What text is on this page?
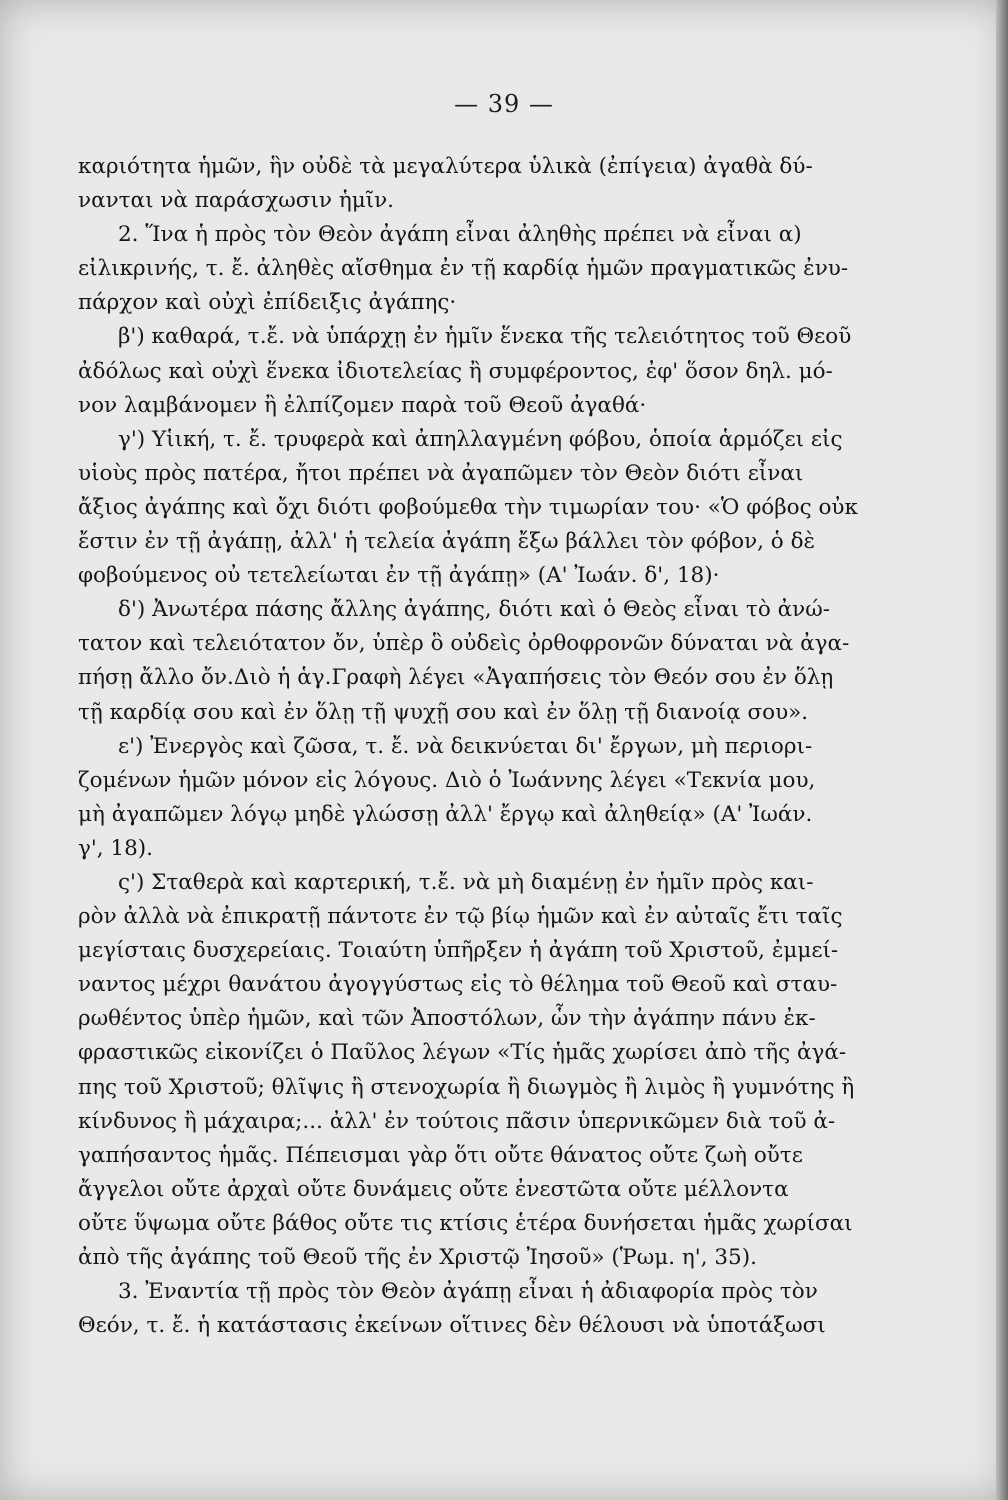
— 39 —
καριότητα ἡμῶν, ἣν οὐδὲ τὰ μεγαλύτερα ὑλικὰ (ἐπίγεια) ἀγαθὰ δύ-
νανται νὰ παράσχωσιν ἡμῖν.
2. Ἵνα ἡ πρὸς τὸν Θεὸν ἀγάπη εἶναι ἀληθὴς πρέπει νὰ εἶναι α)
εἰλικρινής, τ. ἔ. ἀληθὲς αἴσθημα ἐν τῇ καρδίᾳ ἡμῶν πραγματικῶς ἐνυ-
πάρχον καὶ οὐχὶ ἐπίδειξις ἀγάπης·
β') καθαρά, τ.ἔ. νὰ ὑπάρχῃ ἐν ἡμῖν ἕνεκα τῆς τελειότητος τοῦ Θεοῦ
ἀδόλως καὶ οὐχὶ ἕνεκα ἰδιοτελείας ἢ συμφέροντος, ἐφ' ὅσον δηλ. μό-
νον λαμβάνομεν ἢ ἐλπίζομεν παρὰ τοῦ Θεοῦ ἀγαθά·
γ') Υἱική, τ. ἔ. τρυφερὰ καὶ ἀπηλλαγμένη φόβου, ὁποία ἁρμόζει εἰς
υἱοὺς πρὸς πατέρα, ἤτοι πρέπει νὰ ἀγαπῶμεν τὸν Θεὸν διότι εἶναι
ἄξιος ἀγάπης καὶ ὄχι διότι φοβούμεθα τὴν τιμωρίαν του· «Ὁ φόβος οὐκ
ἔστιν ἐν τῇ ἀγάπῃ, ἀλλ' ἡ τελεία ἀγάπη ἔξω βάλλει τὸν φόβον, ὁ δὲ
φοβούμενος οὐ τετελείωται ἐν τῇ ἀγάπῃ» (Α' Ἰωάν. δ', 18)·
δ') Ἀνωτέρα πάσης ἄλλης ἀγάπης, διότι καὶ ὁ Θεὸς εἶναι τὸ ἀνώ-
τατον καὶ τελειότατον ὄν, ὑπὲρ ὃ οὐδεὶς ὀρθοφρονῶν δύναται νὰ ἀγα-
πήσῃ ἄλλο ὄν.Διὸ ἡ ἁγ.Γραφὴ λέγει «Ἀγαπήσεις τὸν Θεόν σου ἐν ὅλῃ
τῇ καρδίᾳ σου καὶ ἐν ὅλῃ τῇ ψυχῇ σου καὶ ἐν ὅλῃ τῇ διανοίᾳ σου».
ε') Ἐνεργὸς καὶ ζῶσα, τ. ἔ. νὰ δεικνύεται δι' ἔργων, μὴ περιορι-
ζομένων ἡμῶν μόνον εἰς λόγους. Διὸ ὁ Ἰωάννης λέγει «Τεκνία μου,
μὴ ἀγαπῶμεν λόγῳ μηδὲ γλώσσῃ ἀλλ' ἔργῳ καὶ ἀληθείᾳ» (Α' Ἰωάν.
γ', 18).
ς') Σταθερὰ καὶ καρτερική, τ.ἔ. νὰ μὴ διαμένῃ ἐν ἡμῖν πρὸς και-
ρὸν ἀλλὰ νὰ ἐπικρατῇ πάντοτε ἐν τῷ βίῳ ἡμῶν καὶ ἐν αὐταῖς ἔτι ταῖς
μεγίσταις δυσχερείαις. Τοιαύτη ὑπῆρξεν ἡ ἀγάπη τοῦ Χριστοῦ, ἐμμεί-
ναντος μέχρι θανάτου ἀγογγύστως εἰς τὸ θέλημα τοῦ Θεοῦ καὶ σταυ-
ρωθέντος ὑπὲρ ἡμῶν, καὶ τῶν Ἀποστόλων, ὧν τὴν ἀγάπην πάνυ ἐκ-
φραστικῶς εἰκονίζει ὁ Παῦλος λέγων «Τίς ἡμᾶς χωρίσει ἀπὸ τῆς ἀγά-
πης τοῦ Χριστοῦ; θλῖψις ἢ στενοχωρία ἢ διωγμὸς ἢ λιμὸς ἢ γυμνότης ἢ
κίνδυνος ἢ μάχαιρα;... ἀλλ' ἐν τούτοις πᾶσιν ὑπερνικῶμεν διὰ τοῦ ἀ-
γαπήσαντος ἡμᾶς. Πέπεισμαι γὰρ ὅτι οὔτε θάνατος οὔτε ζωὴ οὔτε
ἄγγελοι οὔτε ἀρχαὶ οὔτε δυνάμεις οὔτε ἐνεστῶτα οὔτε μέλλοντα
οὔτε ὕψωμα οὔτε βάθος οὔτε τις κτίσις ἑτέρα δυνήσεται ἡμᾶς χωρίσαι
ἀπὸ τῆς ἀγάπης τοῦ Θεοῦ τῆς ἐν Χριστῷ Ἰησοῦ» (Ῥωμ. η', 35).
3. Ἐναντία τῇ πρὸς τὸν Θεὸν ἀγάπῃ εἶναι ἡ ἀδιαφορία πρὸς τὸν
Θεόν, τ. ἔ. ἡ κατάστασις ἐκείνων οἵτινες δὲν θέλουσι νὰ ὑποτάξωσι
